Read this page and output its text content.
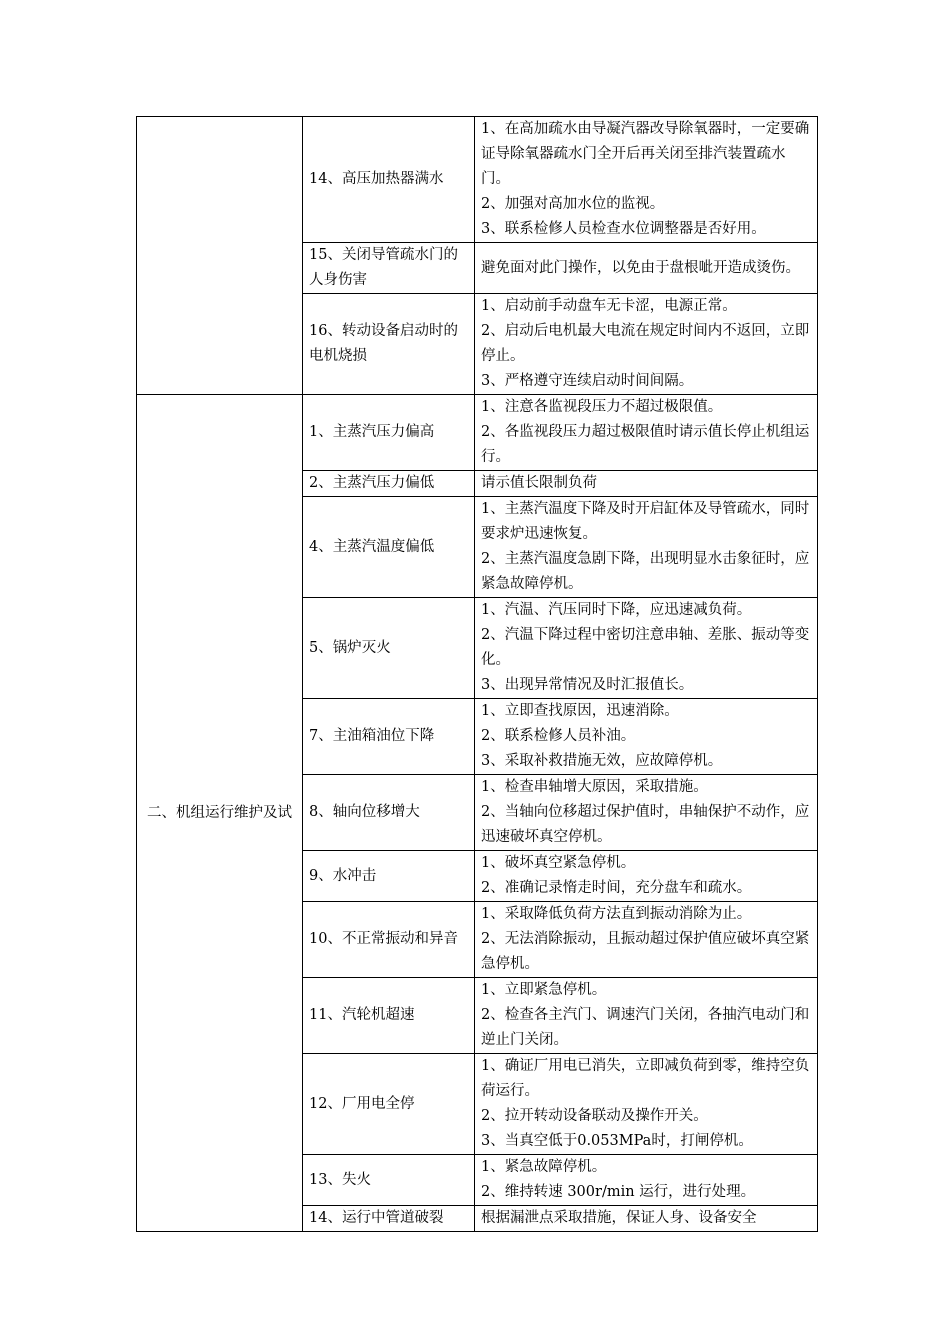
	14、高压加热器满水	1、在高加疏水由导凝汽器改导除氧器时，一定要确证导除氧器疏水门全开后再关闭至排汽装置疏水门。
2、加强对高加水位的监视。
3、联系检修人员检查水位调整器是否好用。

	15、关闭导管疏水门的人身伤害	避免面对此门操作，以免由于盘根呲开造成烫伤。

	16、转动设备启动时的电机烧损	1、启动前手动盘车无卡涩，电源正常。
2、启动后电机最大电流在规定时间内不返回，立即停止。
3、严格遵守连续启动时间间隔。

二、机组运行维护及试	1、主蒸汽压力偏高	1、注意各监视段压力不超过极限值。
2、各监视段压力超过极限值时请示值长停止机组运行。

	2、主蒸汽压力偏低	请示值长限制负荷

	4、主蒸汽温度偏低	1、主蒸汽温度下降及时开启缸体及导管疏水，同时要求炉迅速恢复。
2、主蒸汽温度急剧下降，出现明显水击象征时，应紧急故障停机。

	5、锅炉灭火	1、汽温、汽压同时下降，应迅速减负荷。
2、汽温下降过程中密切注意串轴、差胀、振动等变化。
3、出现异常情况及时汇报值长。

	7、主油箱油位下降	1、立即查找原因，迅速消除。
2、联系检修人员补油。
3、采取补救措施无效，应故障停机。

	8、轴向位移增大	1、检查串轴增大原因，采取措施。
2、当轴向位移超过保护值时，串轴保护不动作，应迅速破坏真空停机。

	9、水冲击	1、破坏真空紧急停机。
2、准确记录惰走时间，充分盘车和疏水。

	10、不正常振动和异音	1、采取降低负荷方法直到振动消除为止。
2、无法消除振动，且振动超过保护值应破坏真空紧急停机。

	11、汽轮机超速	1、立即紧急停机。
2、检查各主汽门、调速汽门关闭，各抽汽电动门和逆止门关闭。

	12、厂用电全停	1、确证厂用电已消失，立即减负荷到零，维持空负荷运行。
2、拉开转动设备联动及操作开关。
3、当真空低于0.053MPa时，打闸停机。

	13、失火	1、紧急故障停机。
2、维持转速 300r/min 运行，进行处理。

	14、运行中管道破裂	根据漏泄点采取措施，保证人身、设备安全
